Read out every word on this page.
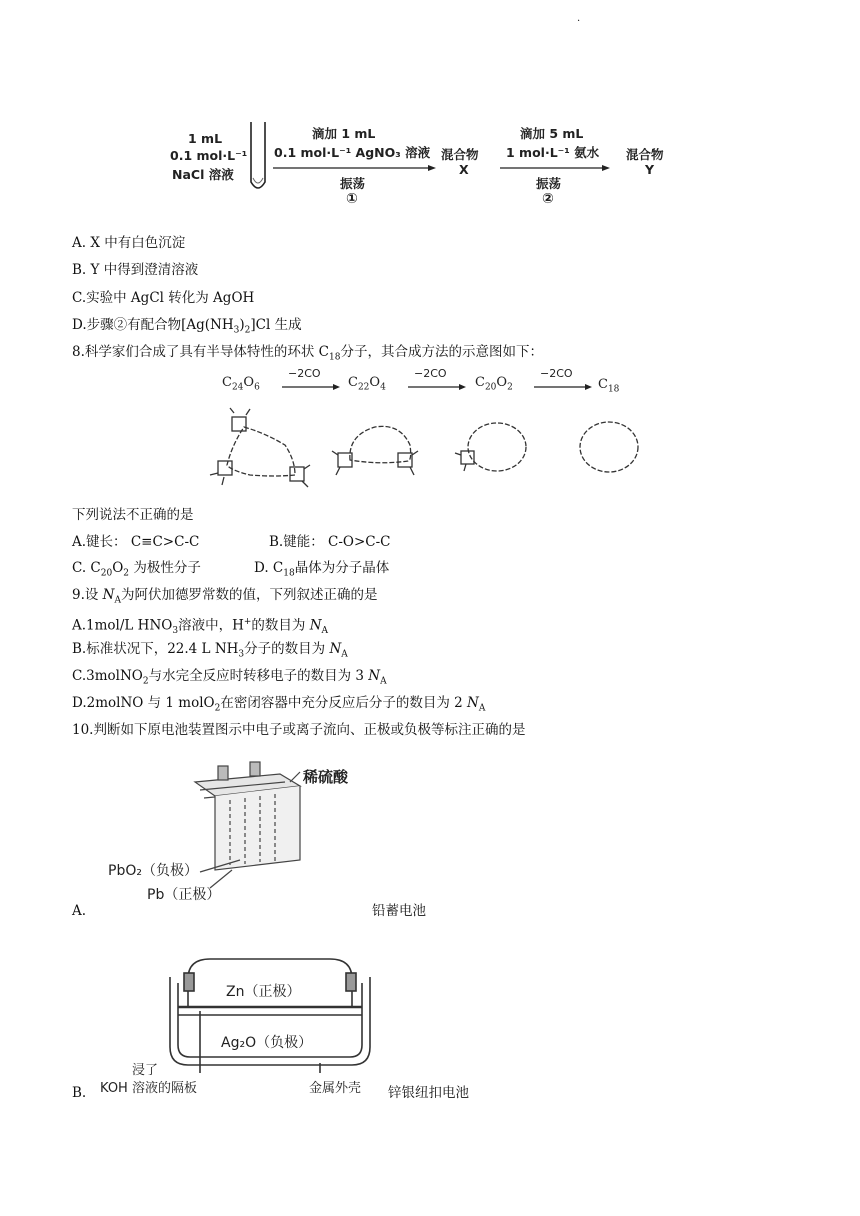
.
1 mL
0.1 mol·L⁻¹
NaCl 溶液
滴加 1 mL
0.1 mol·L⁻¹ AgNO₃ 溶液
振荡
①
混合物
X
滴加 5 mL
1 mol·L⁻¹ 氨水
振荡
②
混合物
Y
A. X 中有白色沉淀
B. Y 中得到澄清溶液
C.实验中 AgCl 转化为 AgOH
D.步骤②有配合物$[Ag(NH_3)_2]Cl$ 生成
8.科学家们合成了具有半导体特性的环状 $C_{18}$分子，其合成方法的示意图如下：
$C_{24}O_6$	$C_{22}O_4$	$C_{20}O_2$	$C_{18}$
−2CO	−2CO	−2CO
下列说法不正确的是
A.键长： C≡C>C-C	B.键能： C-O>C-C
C. $C_{20}O_2$ 为极性分子	D. $C_{18}$晶体为分子晶体
9.设 $N_A$为阿伏加德罗常数的值，下列叙述正确的是
A.1mol/L $HNO_3$溶液中，H+的数目为 $N_A$
B.标准状况下，22.4 L $NH_3$分子的数目为 $N_A$
C.3molNO$_2$与水完全反应时转移电子的数目为 3 $N_A$
D.2molNO 与 1 molO$_2$在密闭容器中充分反应后分子的数目为 2 $N_A$
10.判断如下原电池装置图示中电子或离子流向、正极或负极等标注正确的是
稀硫酸
PbO₂（负极）
Pb（正极）
A.	铅蓄电池
Zn（正极）
Ag₂O（负极）
浸了
KOH 溶液的隔板	金属外壳
B.	锌银纽扣电池
